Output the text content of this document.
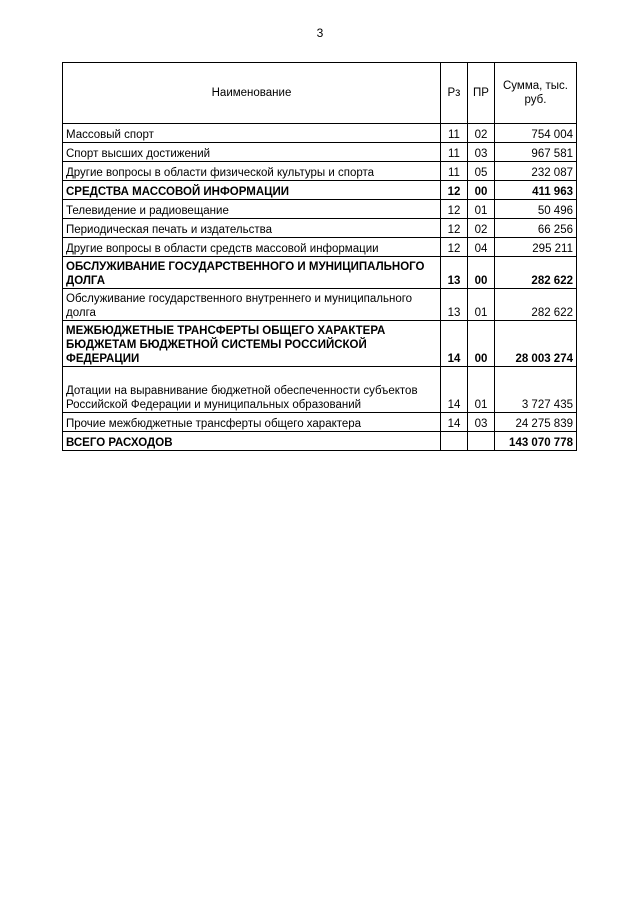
3
Наименование	Рз	ПР	Сумма, тыс. руб.
Массовый спорт	11	02	754 004
Спорт высших достижений	11	03	967 581
Другие вопросы в области физической культуры и спорта	11	05	232 087
СРЕДСТВА МАССОВОЙ ИНФОРМАЦИИ	12	00	411 963
Телевидение и радиовещание	12	01	50 496
Периодическая печать и издательства	12	02	66 256
Другие вопросы в области средств массовой информации	12	04	295 211
ОБСЛУЖИВАНИЕ ГОСУДАРСТВЕННОГО И МУНИЦИПАЛЬНОГО ДОЛГА	13	00	282 622
Обслуживание государственного внутреннего и муниципального долга	13	01	282 622
МЕЖБЮДЖЕТНЫЕ ТРАНСФЕРТЫ ОБЩЕГО ХАРАКТЕРА БЮДЖЕТАМ БЮДЖЕТНОЙ СИСТЕМЫ РОССИЙСКОЙ ФЕДЕРАЦИИ	14	00	28 003 274
Дотации на выравнивание бюджетной обеспеченности субъектов Российской Федерации и муниципальных образований	14	01	3 727 435
Прочие межбюджетные трансферты общего характера	14	03	24 275 839
ВСЕГО РАСХОДОВ			143 070 778
